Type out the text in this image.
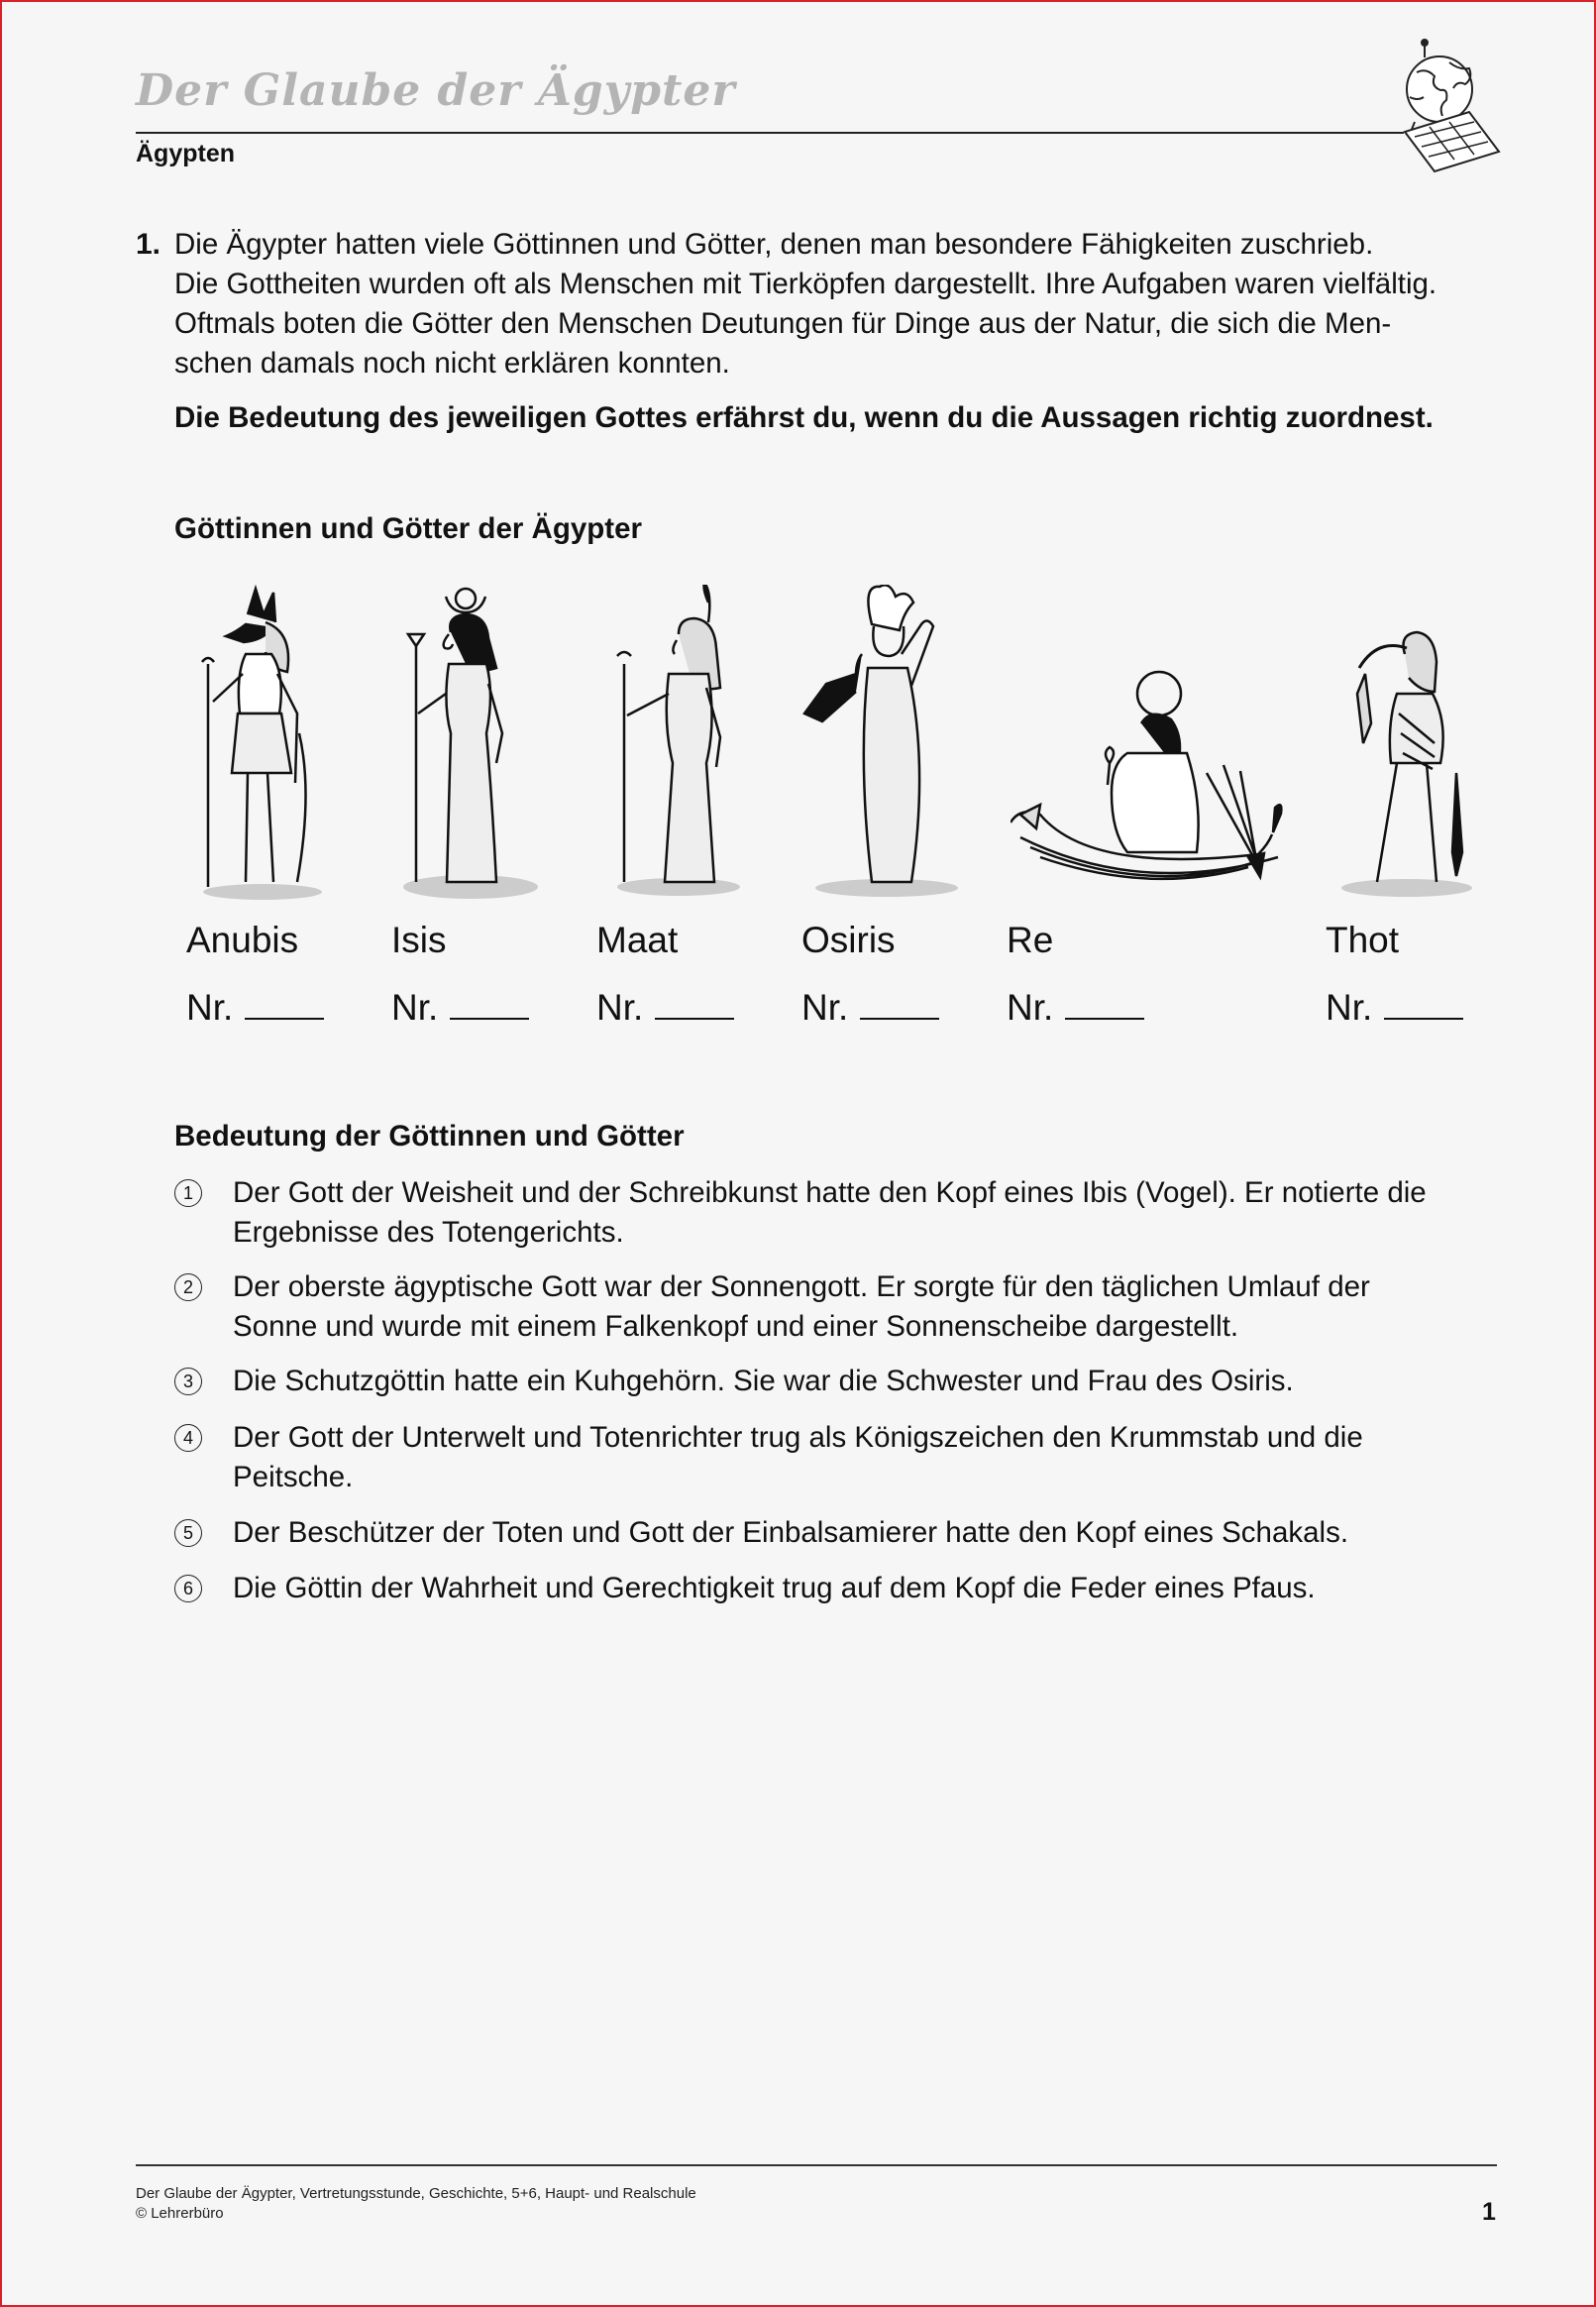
Der Glaube der Ägypter
Ägypten
1. Die Ägypter hatten viele Göttinnen und Götter, denen man besondere Fähigkeiten zuschrieb.
Die Gottheiten wurden oft als Menschen mit Tierköpfen dargestellt. Ihre Aufgaben waren vielfältig.
Oftmals boten die Götter den Menschen Deutungen für Dinge aus der Natur, die sich die Men-
schen damals noch nicht erklären konnten.
Die Bedeutung des jeweiligen Gottes erfährst du, wenn du die Aussagen richtig zuordnest.
Göttinnen und Götter der Ägypter
Anubis	Isis	Maat	Osiris	Re	Thot
Nr.	Nr.	Nr.	Nr.	Nr.	Nr.
Bedeutung der Göttinnen und Götter
1	Der Gott der Weisheit und der Schreibkunst hatte den Kopf eines Ibis (Vogel). Er notierte die
Ergebnisse des Totengerichts.
2	Der oberste ägyptische Gott war der Sonnengott. Er sorgte für den täglichen Umlauf der
Sonne und wurde mit einem Falkenkopf und einer Sonnenscheibe dargestellt.
3	Die Schutzgöttin hatte ein Kuhgehörn. Sie war die Schwester und Frau des Osiris.
4	Der Gott der Unterwelt und Totenrichter trug als Königszeichen den Krummstab und die
Peitsche.
5	Der Beschützer der Toten und Gott der Einbalsamierer hatte den Kopf eines Schakals.
6	Die Göttin der Wahrheit und Gerechtigkeit trug auf dem Kopf die Feder eines Pfaus.
Der Glaube der Ägypter, Vertretungsstunde, Geschichte, 5+6, Haupt- und Realschule
© Lehrerbüro	1
